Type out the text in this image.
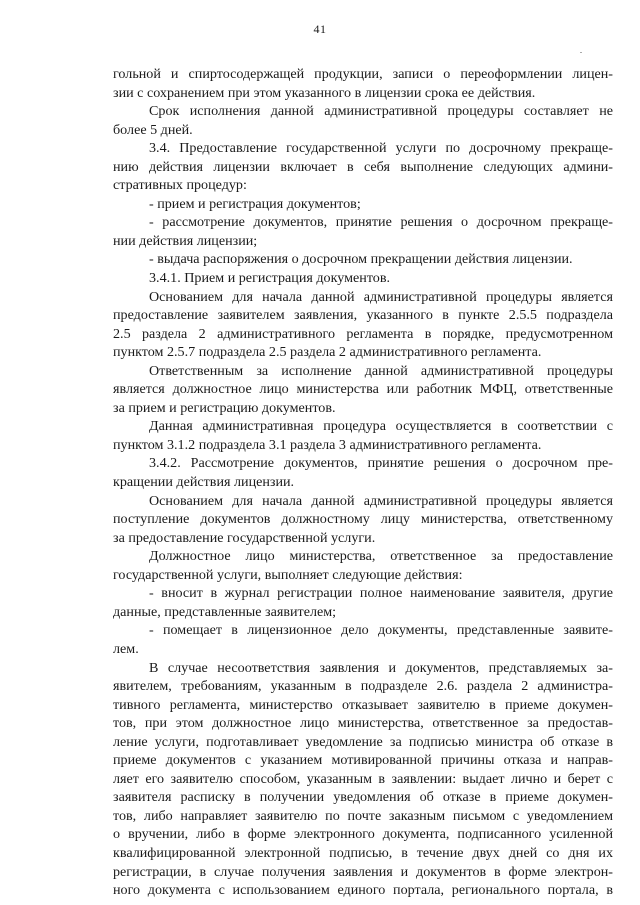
41
гольной и спиртосодержащей продукции, записи о переоформлении лицен-
зии с сохранением при этом указанного в лицензии срока ее действия.
Срок исполнения данной административной процедуры составляет не
более 5 дней.
3.4. Предоставление государственной услуги по досрочному прекраще-
нию действия лицензии включает в себя выполнение следующих админи-
стративных процедур:
- прием и регистрация документов;
- рассмотрение документов, принятие решения о досрочном прекраще-
нии действия лицензии;
- выдача распоряжения о досрочном прекращении действия лицензии.
3.4.1. Прием и регистрация документов.
Основанием для начала данной административной процедуры является
предоставление заявителем заявления, указанного в пункте 2.5.5 подраздела
2.5 раздела 2 административного регламента в порядке, предусмотренном
пунктом 2.5.7 подраздела 2.5 раздела 2 административного регламента.
Ответственным за исполнение данной административной процедуры
является должностное лицо министерства или работник МФЦ, ответственные
за прием и регистрацию документов.
Данная административная процедура осуществляется в соответствии с
пунктом 3.1.2 подраздела 3.1 раздела 3 административного регламента.
3.4.2. Рассмотрение документов, принятие решения о досрочном пре-
кращении действия лицензии.
Основанием для начала данной административной процедуры является
поступление документов должностному лицу министерства, ответственному
за предоставление государственной услуги.
Должностное лицо министерства, ответственное за предоставление
государственной услуги, выполняет следующие действия:
- вносит в журнал регистрации полное наименование заявителя, другие
данные, представленные заявителем;
- помещает в лицензионное дело документы, представленные заявите-
лем.
В случае несоответствия заявления и документов, представляемых за-
явителем, требованиям, указанным в подразделе 2.6. раздела 2 администра-
тивного регламента, министерство отказывает заявителю в приеме докумен-
тов, при этом должностное лицо министерства, ответственное за предостав-
ление услуги, подготавливает уведомление за подписью министра об отказе в
приеме документов с указанием мотивированной причины отказа и направ-
ляет его заявителю способом, указанным в заявлении: выдает лично и берет с
заявителя расписку в получении уведомления об отказе в приеме докумен-
тов, либо направляет заявителю по почте заказным письмом с уведомлением
о вручении, либо в форме электронного документа, подписанного усиленной
квалифицированной электронной подписью, в течение двух дней со дня их
регистрации, в случае получения заявления и документов в форме электрон-
ного документа с использованием единого портала, регионального портала, в
